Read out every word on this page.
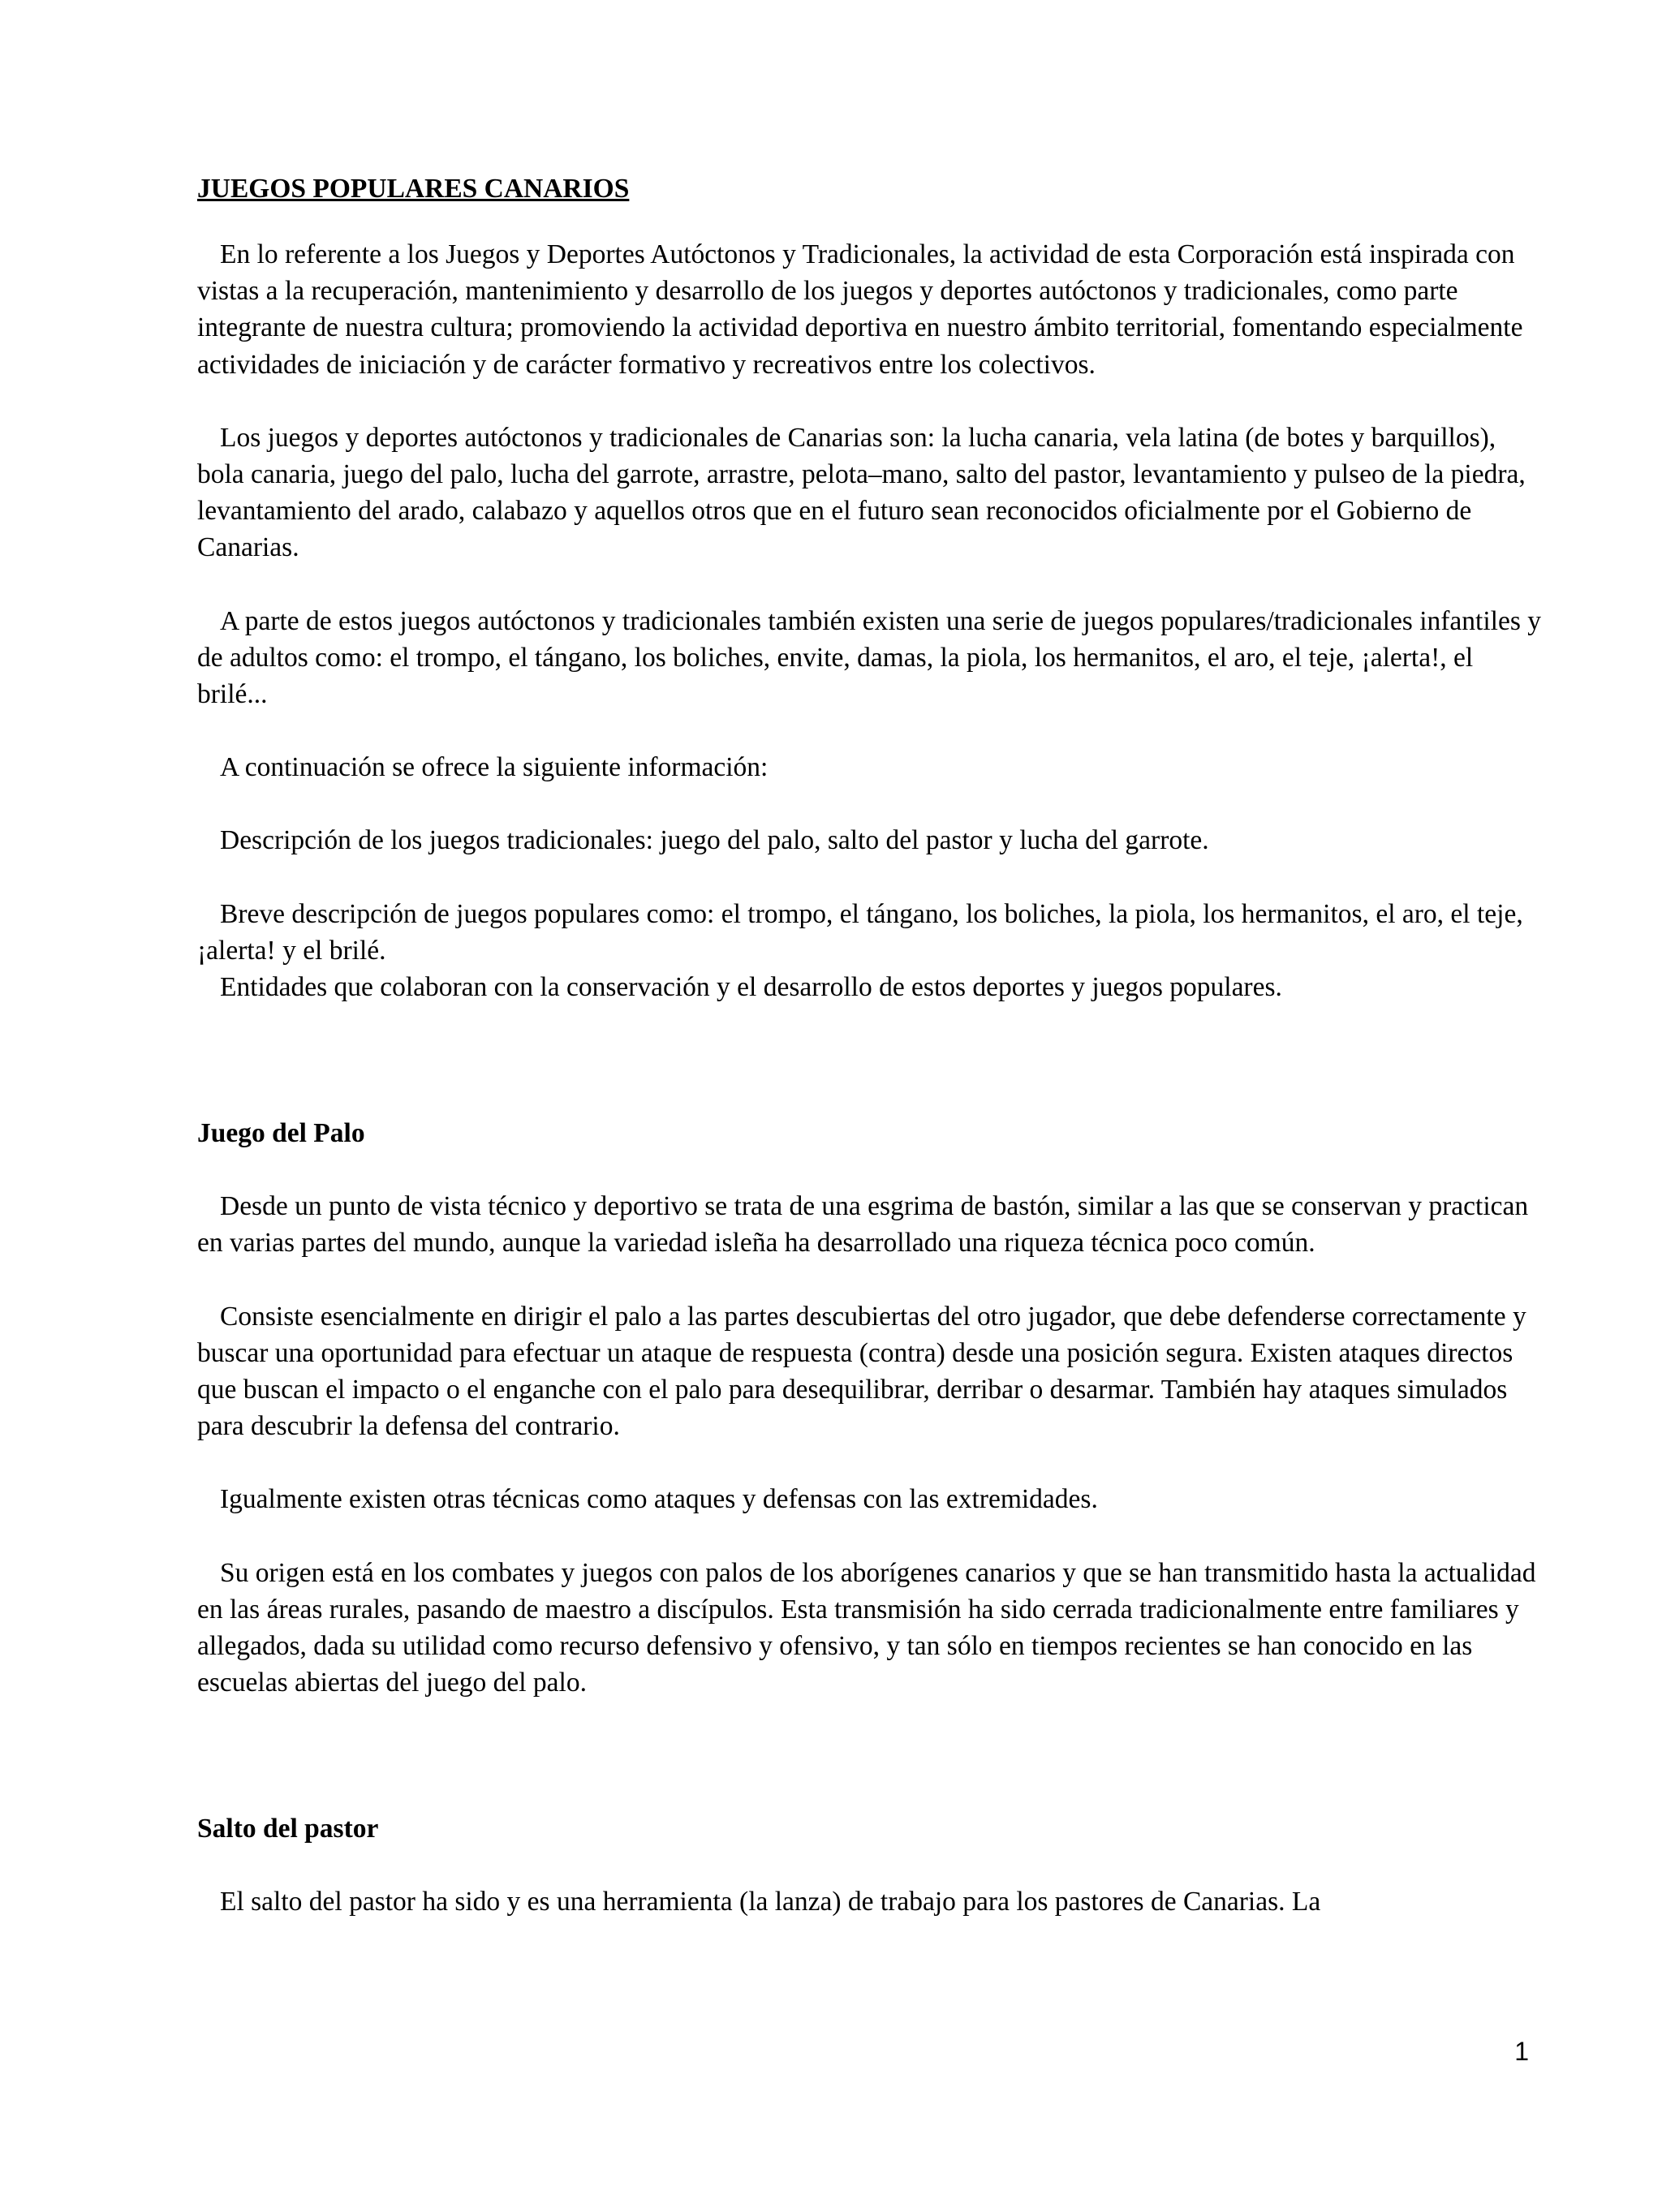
JUEGOS POPULARES CANARIOS

En lo referente a los Juegos y Deportes Autóctonos y Tradicionales, la actividad de esta Corporación está inspirada con vistas a la recuperación, mantenimiento y desarrollo de los juegos y deportes autóctonos y tradicionales, como parte integrante de nuestra cultura; promoviendo la actividad deportiva en nuestro ámbito territorial, fomentando especialmente actividades de iniciación y de carácter formativo y recreativos entre los colectivos.

Los juegos y deportes autóctonos y tradicionales de Canarias son: la lucha canaria, vela latina (de botes y barquillos), bola canaria, juego del palo, lucha del garrote, arrastre, pelota–mano, salto del pastor, levantamiento y pulseo de la piedra, levantamiento del arado, calabazo y aquellos otros que en el futuro sean reconocidos oficialmente por el Gobierno de Canarias.

A parte de estos juegos autóctonos y tradicionales también existen una serie de juegos populares/tradicionales infantiles y de adultos como: el trompo, el tángano, los boliches, envite, damas, la piola, los hermanitos, el aro, el teje, ¡alerta!, el brilé...

A continuación se ofrece la siguiente información:

Descripción de los juegos tradicionales: juego del palo, salto del pastor y lucha del garrote.

Breve descripción de juegos populares como: el trompo, el tángano, los boliches, la piola, los hermanitos, el aro, el teje, ¡alerta! y el brilé.

Entidades que colaboran con la conservación y el desarrollo de estos deportes y juegos populares.

Juego del Palo

Desde un punto de vista técnico y deportivo se trata de una esgrima de bastón, similar a las que se conservan y practican en varias partes del mundo, aunque la variedad isleña ha desarrollado una riqueza técnica poco común.

Consiste esencialmente en dirigir el palo a las partes descubiertas del otro jugador, que debe defenderse correctamente y buscar una oportunidad para efectuar un ataque de respuesta (contra) desde una posición segura. Existen ataques directos que buscan el impacto o el enganche con el palo para desequilibrar, derribar o desarmar. También hay ataques simulados para descubrir la defensa del contrario.

Igualmente existen otras técnicas como ataques y defensas con las extremidades.

Su origen está en los combates y juegos con palos de los aborígenes canarios y que se han transmitido hasta la actualidad en las áreas rurales, pasando de maestro a discípulos. Esta transmisión ha sido cerrada tradicionalmente entre familiares y allegados, dada su utilidad como recurso defensivo y ofensivo, y tan sólo en tiempos recientes se han conocido en las escuelas abiertas del juego del palo.

Salto del pastor

El salto del pastor ha sido y es una herramienta (la lanza) de trabajo para los pastores de Canarias. La

1
